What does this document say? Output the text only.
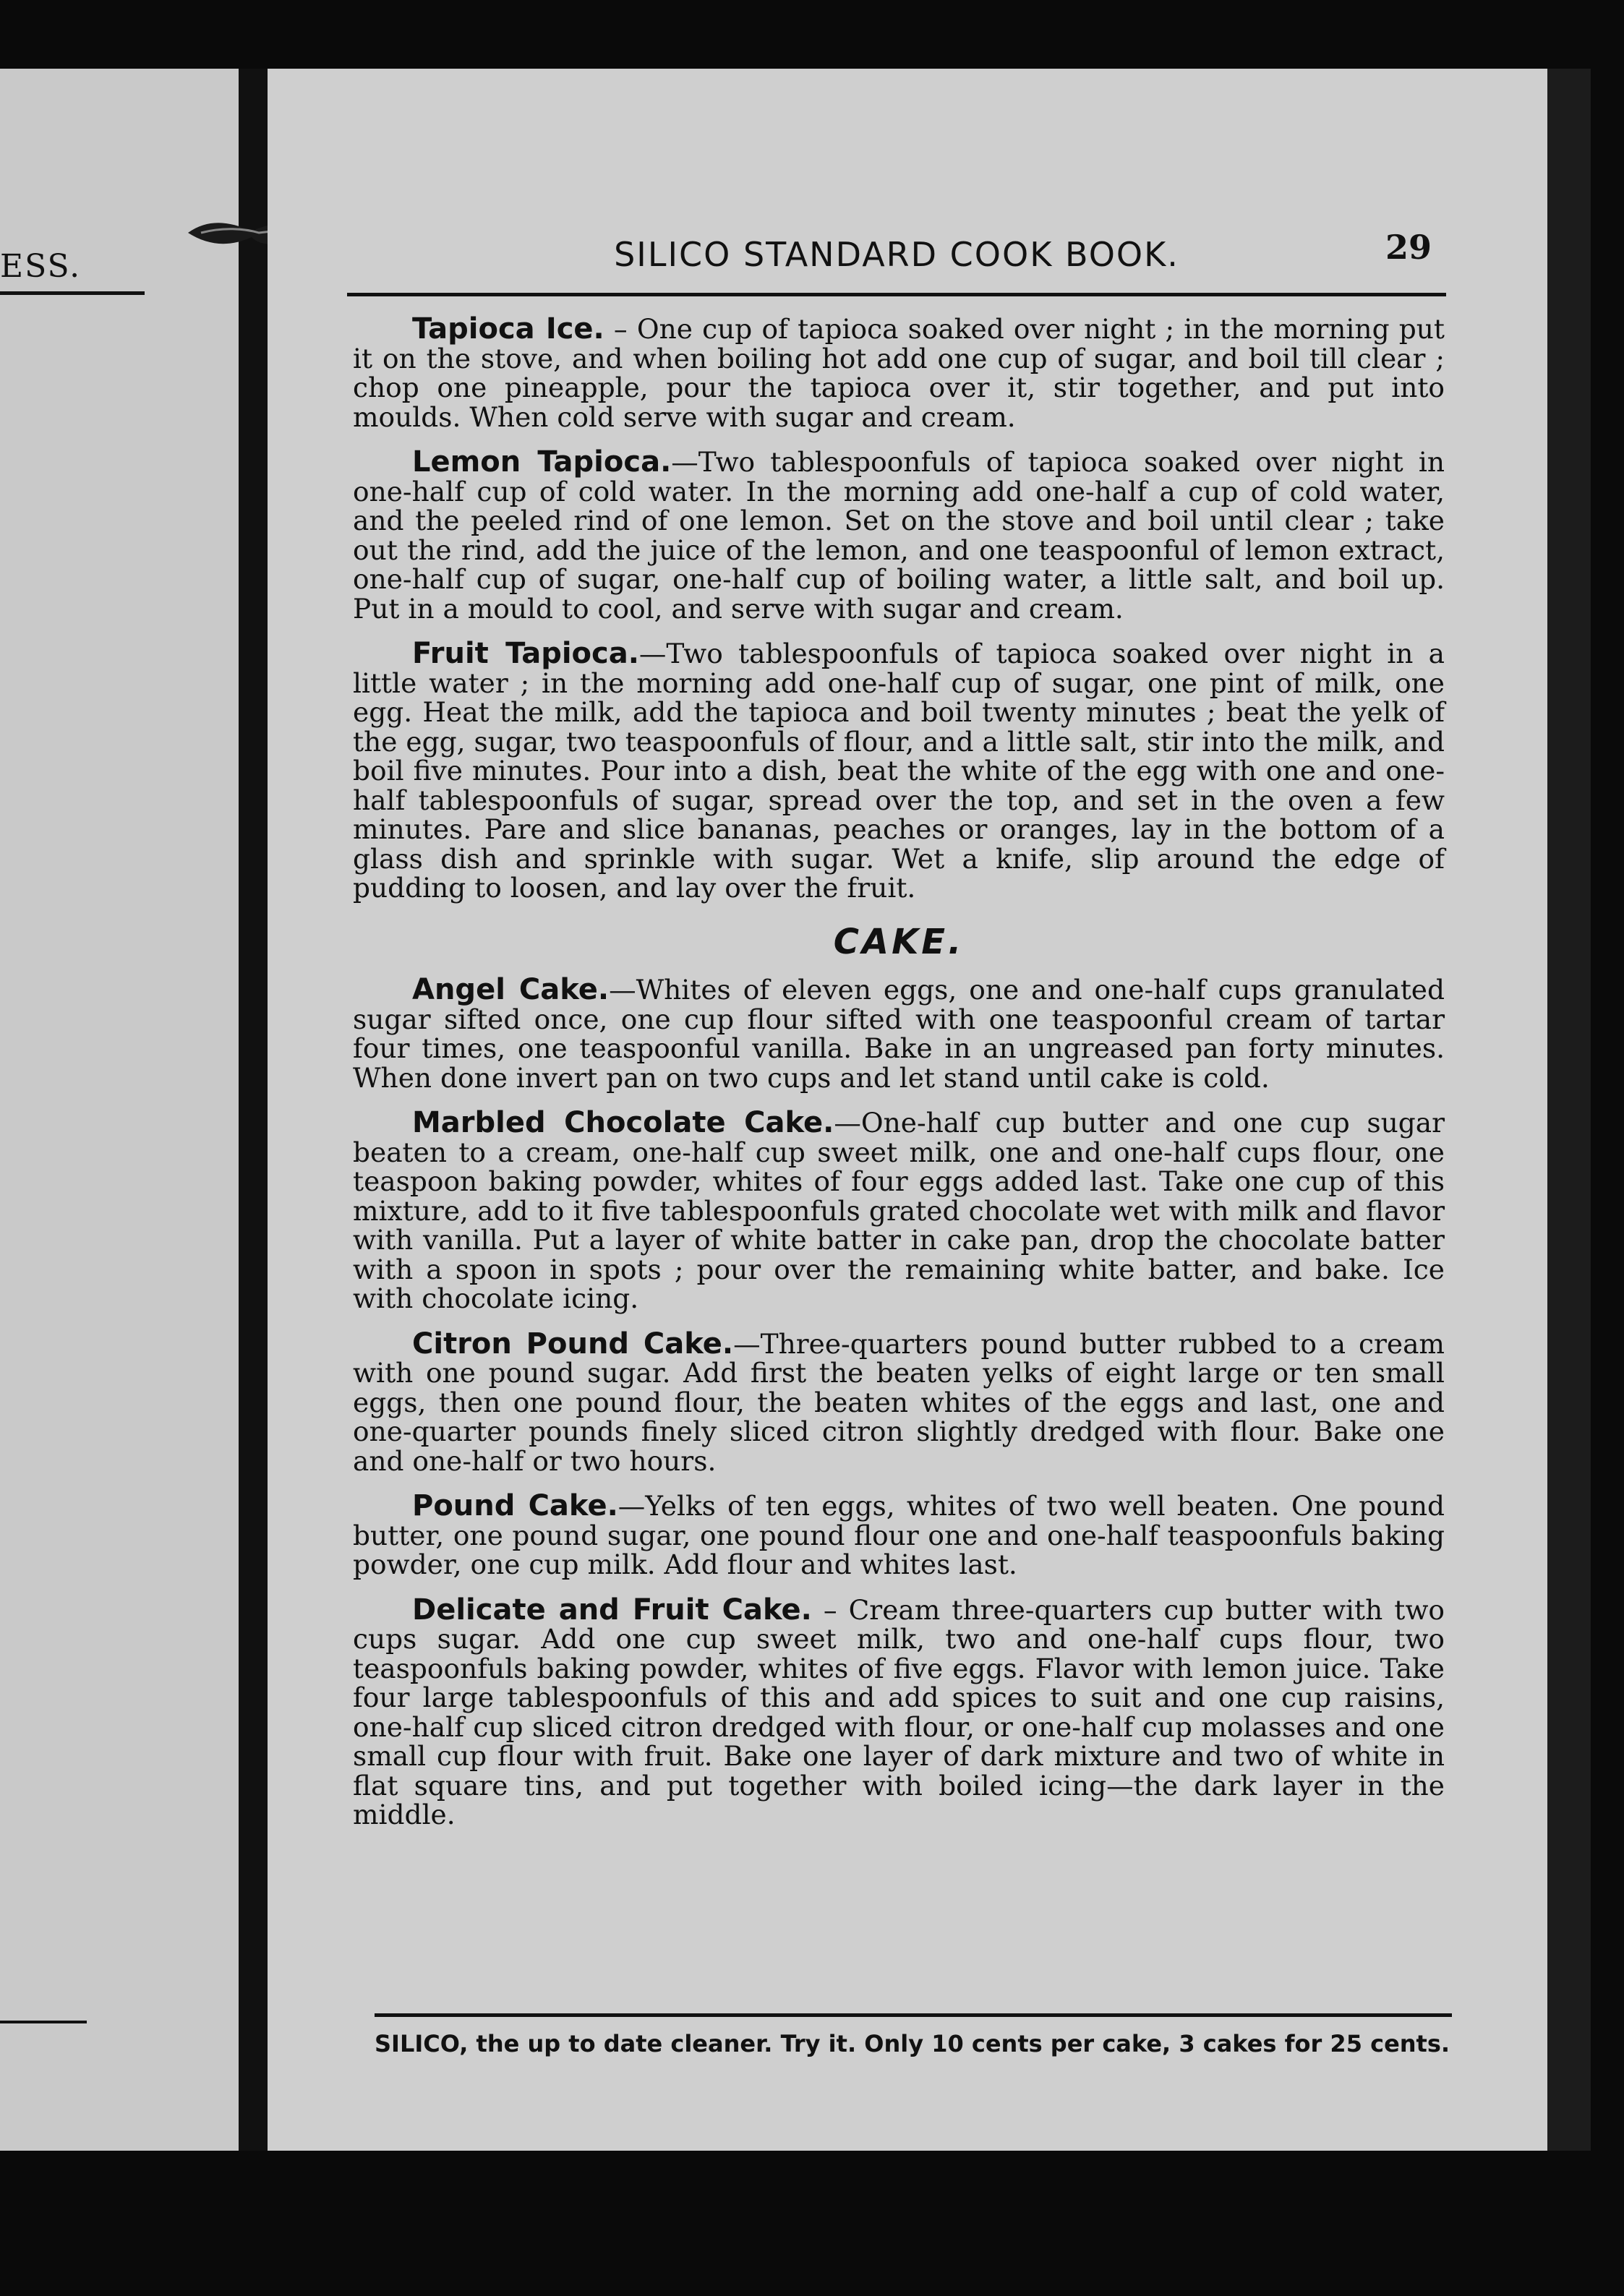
ESS.	SILICO STANDARD COOK BOOK.	29

Tapioca Ice. – One cup of tapioca soaked over night ; in the morning put it on the stove, and when boiling hot add one cup of sugar, and boil till clear ; chop one pineapple, pour the tapioca over it, stir together, and put into moulds. When cold serve with sugar and cream.

Lemon Tapioca.—Two tablespoonfuls of tapioca soaked over night in one-half cup of cold water. In the morning add one-half a cup of cold water, and the peeled rind of one lemon. Set on the stove and boil until clear ; take out the rind, add the juice of the lemon, and one teaspoonful of lemon extract, one-half cup of sugar, one-half cup of boiling water, a little salt, and boil up. Put in a mould to cool, and serve with sugar and cream.

Fruit Tapioca.—Two tablespoonfuls of tapioca soaked over night in a little water ; in the morning add one-half cup of sugar, one pint of milk, one egg. Heat the milk, add the tapioca and boil twenty minutes ; beat the yelk of the egg, sugar, two teaspoonfuls of flour, and a little salt, stir into the milk, and boil five minutes. Pour into a dish, beat the white of the egg with one and one-half tablespoonfuls of sugar, spread over the top, and set in the oven a few minutes. Pare and slice bananas, peaches or oranges, lay in the bottom of a glass dish and sprinkle with sugar. Wet a knife, slip around the edge of pudding to loosen, and lay over the fruit.

CAKE.

Angel Cake.—Whites of eleven eggs, one and one-half cups granulated sugar sifted once, one cup flour sifted with one teaspoonful cream of tartar four times, one teaspoonful vanilla. Bake in an ungreased pan forty minutes. When done invert pan on two cups and let stand until cake is cold.

Marbled Chocolate Cake.—One-half cup butter and one cup sugar beaten to a cream, one-half cup sweet milk, one and one-half cups flour, one teaspoon baking powder, whites of four eggs added last. Take one cup of this mixture, add to it five tablespoonfuls grated chocolate wet with milk and flavor with vanilla. Put a layer of white batter in cake pan, drop the chocolate batter with a spoon in spots ; pour over the remaining white batter, and bake. Ice with chocolate icing.

Citron Pound Cake.—Three-quarters pound butter rubbed to a cream with one pound sugar. Add first the beaten yelks of eight large or ten small eggs, then one pound flour, the beaten whites of the eggs and last, one and one-quarter pounds finely sliced citron slightly dredged with flour. Bake one and one-half or two hours.

Pound Cake.—Yelks of ten eggs, whites of two well beaten. One pound butter, one pound sugar, one pound flour one and one-half teaspoonfuls baking powder, one cup milk. Add flour and whites last.

Delicate and Fruit Cake. – Cream three-quarters cup butter with two cups sugar. Add one cup sweet milk, two and one-half cups flour, two teaspoonfuls baking powder, whites of five eggs. Flavor with lemon juice. Take four large tablespoonfuls of this and add spices to suit and one cup raisins, one-half cup sliced citron dredged with flour, or one-half cup molasses and one small cup flour with fruit. Bake one layer of dark mixture and two of white in flat square tins, and put together with boiled icing—the dark layer in the middle.

SILICO, the up to date cleaner. Try it. Only 10 cents per cake, 3 cakes for 25 cents.
